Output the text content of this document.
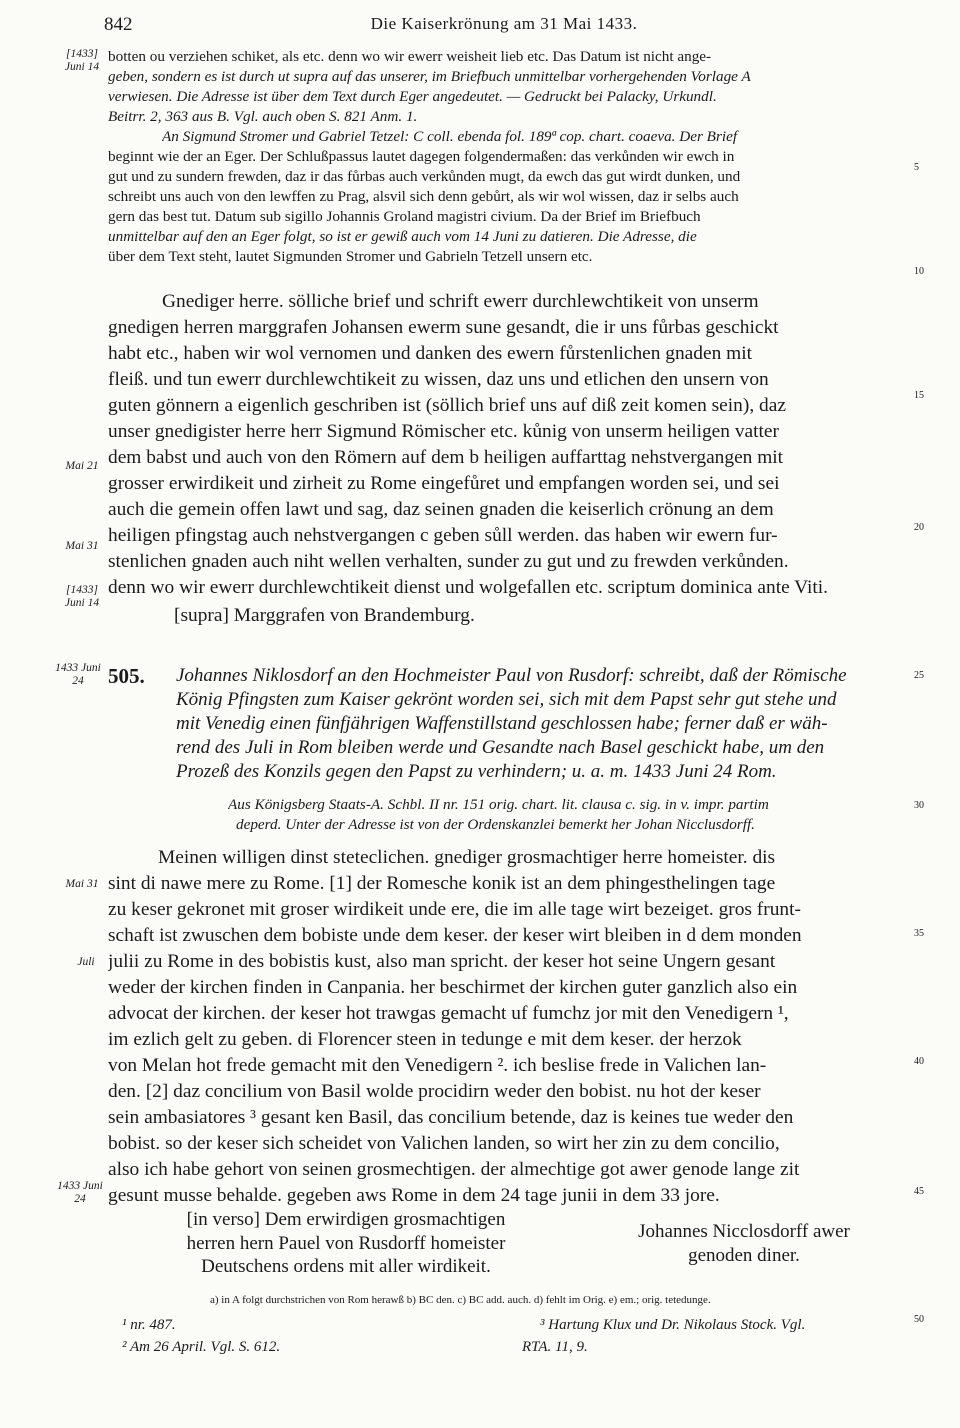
842	Die Kaiserkrönung am 31 Mai 1433.
botten ou verziehen schiket, als etc. denn wo wir ewerr weisheit lieb etc. Das Datum ist nicht ange-
geben, sondern es ist durch ut supra auf das unserer, im Briefbuch unmittelbar vorhergehenden Vorlage A
verwiesen. Die Adresse ist über dem Text durch Eger angedeutet. — Gedruckt bei Palacky, Urkundl.
Beitrr. 2, 363 aus B. Vgl. auch oben S. 821 Anm. 1.
An Sigmund Stromer und Gabriel Tetzel: C coll. ebenda fol. 189ª cop. chart. coaeva. Der Brief
beginnt wie der an Eger. Der Schlußpassus lautet dagegen folgendermaßen: das verkůnden wir ewch in
gut und zu sundern frewden, daz ir das fůrbas auch verkůnden mugt, da ewch das gut wirdt dunken, und
schreibt uns auch von den lewffen zu Prag, alsvil sich denn gebůrt, als wir wol wissen, daz ir selbs auch
gern das best tut. Datum sub sigillo Johannis Groland magistri civium. Da der Brief im Briefbuch
unmittelbar auf den an Eger folgt, so ist er gewiß auch vom 14 Juni zu datieren. Die Adresse, die
über dem Text steht, lautet Sigmunden Stromer und Gabrieln Tetzell unsern etc.
Gnediger herre. sölliche brief und schrift ewerr durchlewchtikeit von unserm
gnedigen herren marggrafen Johansen ewerm sune gesandt, die ir uns fůrbas geschickt
habt etc., haben wir wol vernomen und danken des ewern fůrstenlichen gnaden mit
fleiß. und tun ewerr durchlewchtikeit zu wissen, daz uns und etlichen den unsern von
guten gönnern a eigenlich geschriben ist (söllich brief uns auf diß zeit komen sein), daz
unser gnedigister herre herr Sigmund Römischer etc. kůnig von unserm heiligen vatter
dem babst und auch von den Römern auf dem b heiligen auffarttag nehstvergangen mit
grosser erwirdikeit und zirheit zu Rome eingefůret und empfangen worden sei, und sei
auch die gemein offen lawt und sag, daz seinen gnaden die keiserlich crönung an dem
heiligen pfingstag auch nehstvergangen c geben sůll werden. das haben wir ewern fur-
stenlichen gnaden auch niht wellen verhalten, sunder zu gut und zu frewden verkůnden.
denn wo wir ewerr durchlewchtikeit dienst und wolgefallen etc. scriptum dominica ante Viti.
[supra] Marggrafen von Brandemburg.
505. Johannes Niklosdorf an den Hochmeister Paul von Rusdorf: schreibt, daß der Römische
König Pfingsten zum Kaiser gekrönt worden sei, sich mit dem Papst sehr gut stehe und
mit Venedig einen fünfjährigen Waffenstillstand geschlossen habe; ferner daß er wäh-
rend des Juli in Rom bleiben werde und Gesandte nach Basel geschickt habe, um den
Prozeß des Konzils gegen den Papst zu verhindern; u. a. m. 1433 Juni 24 Rom.
Aus Königsberg Staats-A. Schbl. II nr. 151 orig. chart. lit. clausa c. sig. in v. impr. partim
deperd. Unter der Adresse ist von der Ordenskanzlei bemerkt her Johan Nicclusdorff.
Meinen willigen dinst steteclichen. gnediger grosmachtiger herre homeister. dis
sint di nawe mere zu Rome. [1] der Romesche konik ist an dem phingesthelingen tage
zu keser gekronet mit groser wirdikeit unde ere, die im alle tage wirt bezeiget. gros frunt-
schaft ist zwuschen dem bobiste unde dem keser. der keser wirt bleiben in d dem monden
julii zu Rome in des bobistis kust, also man spricht. der keser hot seine Ungern gesant
weder der kirchen finden in Canpania. her beschirmet der kirchen guter ganzlich also ein
advocat der kirchen. der keser hot trawgas gemacht uf fumchz jor mit den Venedigern ¹,
im ezlich gelt zu geben. di Florencer steen in tedunge e mit dem keser. der herzok
von Melan hot frede gemacht mit den Venedigern ². ich beslise frede in Valichen lan-
den. [2] daz concilium von Basil wolde procidirn weder den bobist. nu hot der keser
sein ambasiatores ³ gesant ken Basil, das concilium betende, daz is keines tue weder den
bobist. so der keser sich scheidet von Valichen landen, so wirt her zin zu dem concilio,
also ich habe gehort von seinen grosmechtigen. der almechtige got awer genode lange zit
gesunt musse behalde. gegeben aws Rome in dem 24 tage junii in dem 33 jore.
[in verso] Dem erwirdigen grosmachtigen
herren hern Pauel von Rusdorff homeister
Deutschens ordens mit aller wirdikeit.
Johannes Nicclosdorff awer
genoden diner.
a) in A folgt durchstrichen von Rom herawß b) BC den. c) BC add. auch. d) fehlt im Orig. e) em.; orig. tetedunge.
¹ nr. 487.
² Am 26 April. Vgl. S. 612.
³ Hartung Klux und Dr. Nikolaus Stock. Vgl.
RTA. 11, 9.
[1433] Juni 14
Mai 21
Mai 31
[1433] Juni 14
1433 Juni 24
Mai 31
Juli
1433 Juni 24
5
10
15
20
25
30
35
40
45
50
